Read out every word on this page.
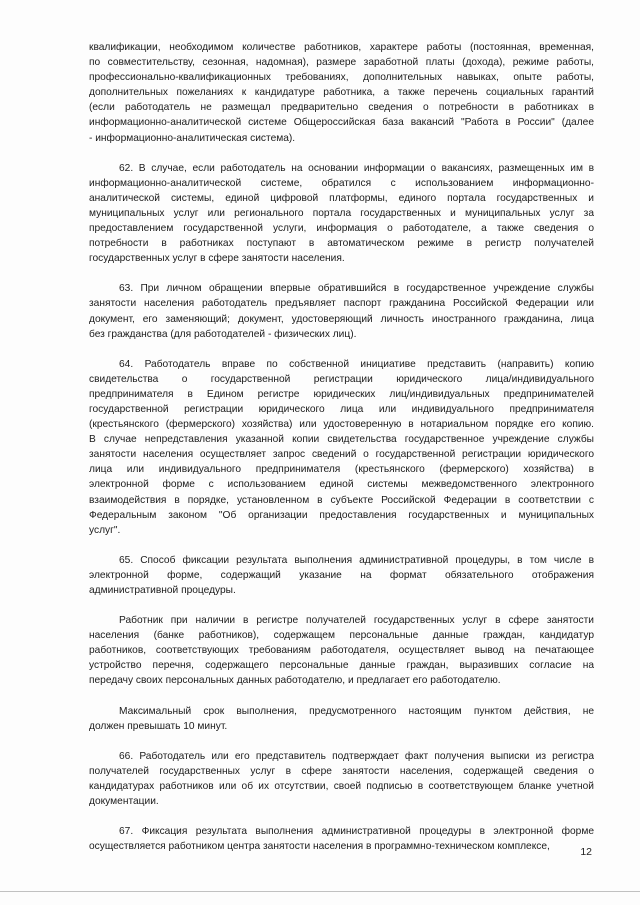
квалификации, необходимом количестве работников, характере работы (постоянная, временная,
по совместительству, сезонная, надомная), размере заработной платы (дохода), режиме работы,
профессионально-квалификационных требованиях, дополнительных навыках, опыте работы,
дополнительных пожеланиях к кандидатуре работника, а также перечень социальных гарантий
(если работодатель не размещал предварительно сведения о потребности в работниках в
информационно-аналитической системе Общероссийская база вакансий "Работа в России" (далее
- информационно-аналитическая система).
62. В случае, если работодатель на основании информации о вакансиях, размещенных им в
информационно-аналитической системе, обратился с использованием информационно-
аналитической системы, единой цифровой платформы, единого портала государственных и
муниципальных услуг или регионального портала государственных и муниципальных услуг за
предоставлением государственной услуги, информация о работодателе, а также сведения о
потребности в работниках поступают в автоматическом режиме в регистр получателей
государственных услуг в сфере занятости населения.
63. При личном обращении впервые обратившийся в государственное учреждение службы
занятости населения работодатель предъявляет паспорт гражданина Российской Федерации или
документ, его заменяющий; документ, удостоверяющий личность иностранного гражданина, лица
без гражданства (для работодателей - физических лиц).
64. Работодатель вправе по собственной инициативе представить (направить) копию
свидетельства о государственной регистрации юридического лица/индивидуального
предпринимателя в Едином регистре юридических лиц/индивидуальных предпринимателей
государственной регистрации юридического лица или индивидуального предпринимателя
(крестьянского (фермерского) хозяйства) или удостоверенную в нотариальном порядке его копию.
В случае непредставления указанной копии свидетельства государственное учреждение службы
занятости населения осуществляет запрос сведений о государственной регистрации юридического
лица или индивидуального предпринимателя (крестьянского (фермерского) хозяйства) в
электронной форме с использованием единой системы межведомственного электронного
взаимодействия в порядке, установленном в субъекте Российской Федерации в соответствии с
Федеральным законом "Об организации предоставления государственных и муниципальных
услуг".
65. Способ фиксации результата выполнения административной процедуры, в том числе в
электронной форме, содержащий указание на формат обязательного отображения
административной процедуры.
Работник при наличии в регистре получателей государственных услуг в сфере занятости
населения (банке работников), содержащем персональные данные граждан, кандидатур
работников, соответствующих требованиям работодателя, осуществляет вывод на печатающее
устройство перечня, содержащего персональные данные граждан, выразивших согласие на
передачу своих персональных данных работодателю, и предлагает его работодателю.
Максимальный срок выполнения, предусмотренного настоящим пунктом действия, не
должен превышать 10 минут.
66. Работодатель или его представитель подтверждает факт получения выписки из регистра
получателей государственных услуг в сфере занятости населения, содержащей сведения о
кандидатурах работников или об их отсутствии, своей подписью в соответствующем бланке учетной
документации.
67. Фиксация результата выполнения административной процедуры в электронной форме
осуществляется работником центра занятости населения в программно-техническом комплексе,	12
